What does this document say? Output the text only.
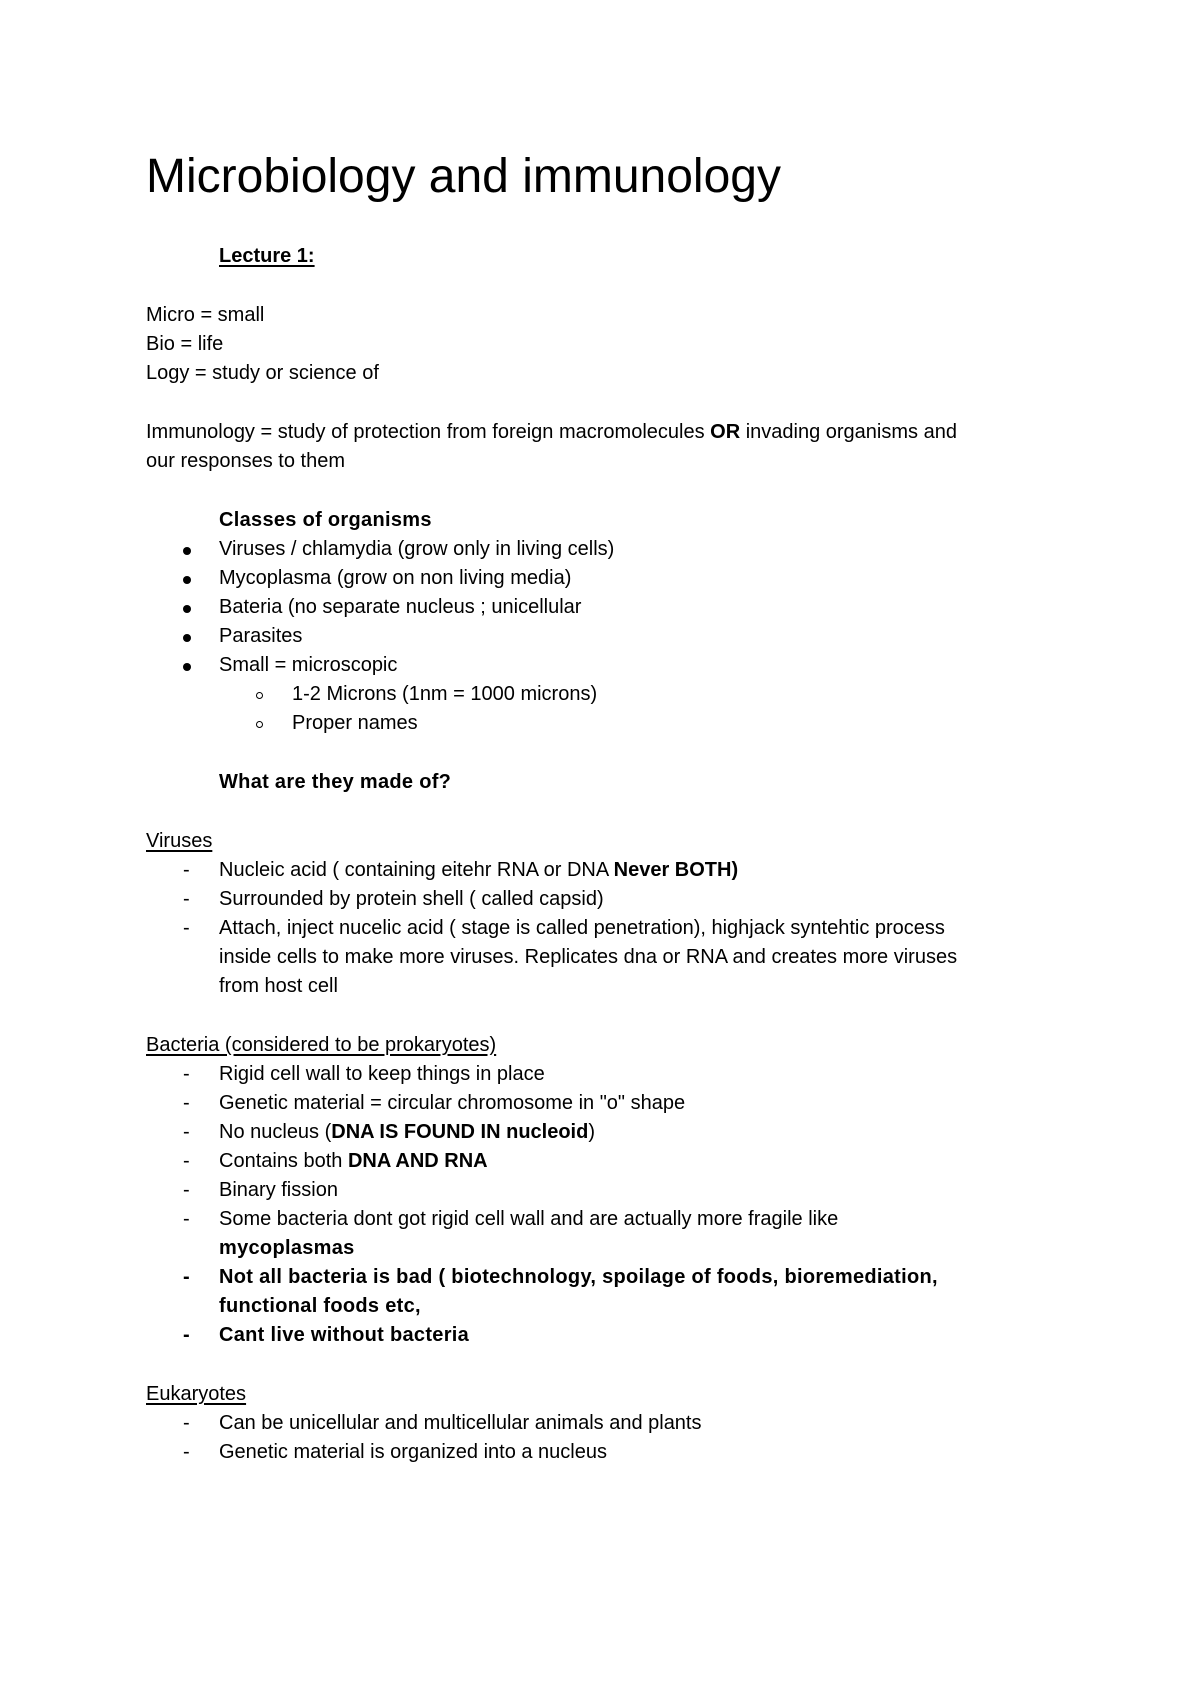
Microbiology and immunology
Lecture 1:
Micro = small
Bio = life
Logy = study or science of
Immunology = study of protection from foreign macromolecules OR invading organisms and
our responses to them
Classes of organisms
Viruses / chlamydia (grow only in living cells)
Mycoplasma (grow on non living media)
Bateria (no separate nucleus ; unicellular
Parasites
Small = microscopic
1-2 Microns (1nm = 1000 microns)
Proper names
What are they made of?
Viruses
- Nucleic acid ( containing eitehr RNA or DNA Never BOTH)
- Surrounded by protein shell ( called capsid)
- Attach, inject nucelic acid ( stage is called penetration), highjack syntehtic process
inside cells to make more viruses. Replicates dna or RNA and creates more viruses
from host cell
Bacteria (considered to be prokaryotes)
- Rigid cell wall to keep things in place
- Genetic material = circular chromosome in "o" shape
- No nucleus (DNA IS FOUND IN nucleoid)
- Contains both DNA AND RNA
- Binary fission
- Some bacteria dont got rigid cell wall and are actually more fragile like
mycoplasmas
- Not all bacteria is bad ( biotechnology, spoilage of foods, bioremediation,
functional foods etc,
- Cant live without bacteria
Eukaryotes
- Can be unicellular and multicellular animals and plants
- Genetic material is organized into a nucleus
